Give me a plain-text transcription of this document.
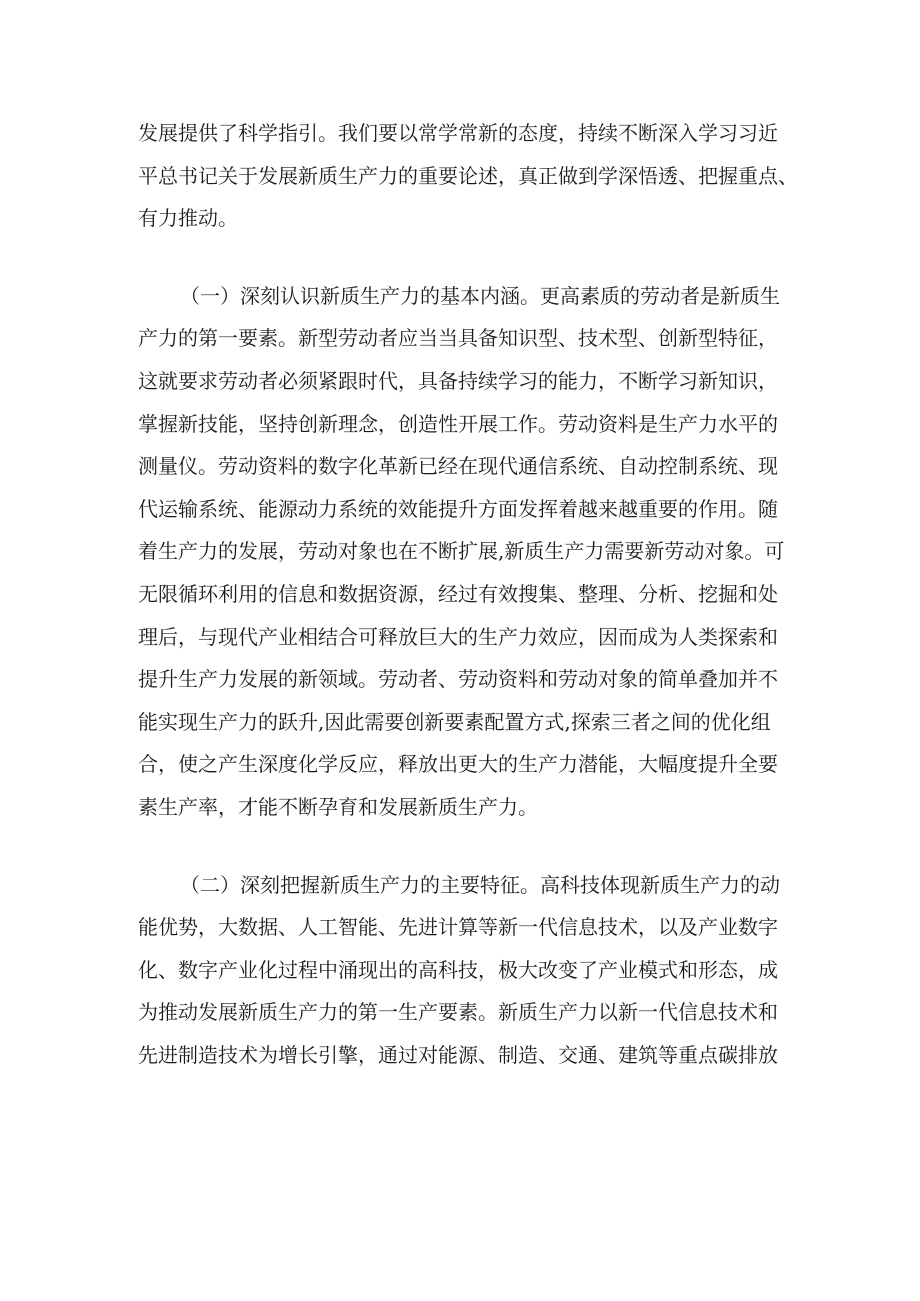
发展提供了科学指引。我们要以常学常新的态度，持续不断深入学习习近
平总书记关于发展新质生产力的重要论述，真正做到学深悟透、把握重点、
有力推动。
（一）深刻认识新质生产力的基本内涵。更高素质的劳动者是新质生
产力的第一要素。新型劳动者应当当具备知识型、技术型、创新型特征，
这就要求劳动者必须紧跟时代，具备持续学习的能力，不断学习新知识，
掌握新技能，坚持创新理念，创造性开展工作。劳动资料是生产力水平的
测量仪。劳动资料的数字化革新已经在现代通信系统、自动控制系统、现
代运输系统、能源动力系统的效能提升方面发挥着越来越重要的作用。随
着生产力的发展，劳动对象也在不断扩展,新质生产力需要新劳动对象。可
无限循环利用的信息和数据资源，经过有效搜集、整理、分析、挖掘和处
理后，与现代产业相结合可释放巨大的生产力效应，因而成为人类探索和
提升生产力发展的新领域。劳动者、劳动资料和劳动对象的简单叠加并不
能实现生产力的跃升,因此需要创新要素配置方式,探索三者之间的优化组
合，使之产生深度化学反应，释放出更大的生产力潜能，大幅度提升全要
素生产率，才能不断孕育和发展新质生产力。
（二）深刻把握新质生产力的主要特征。高科技体现新质生产力的动
能优势，大数据、人工智能、先进计算等新一代信息技术，以及产业数字
化、数字产业化过程中涌现出的高科技，极大改变了产业模式和形态，成
为推动发展新质生产力的第一生产要素。新质生产力以新一代信息技术和
先进制造技术为增长引擎，通过对能源、制造、交通、建筑等重点碳排放
